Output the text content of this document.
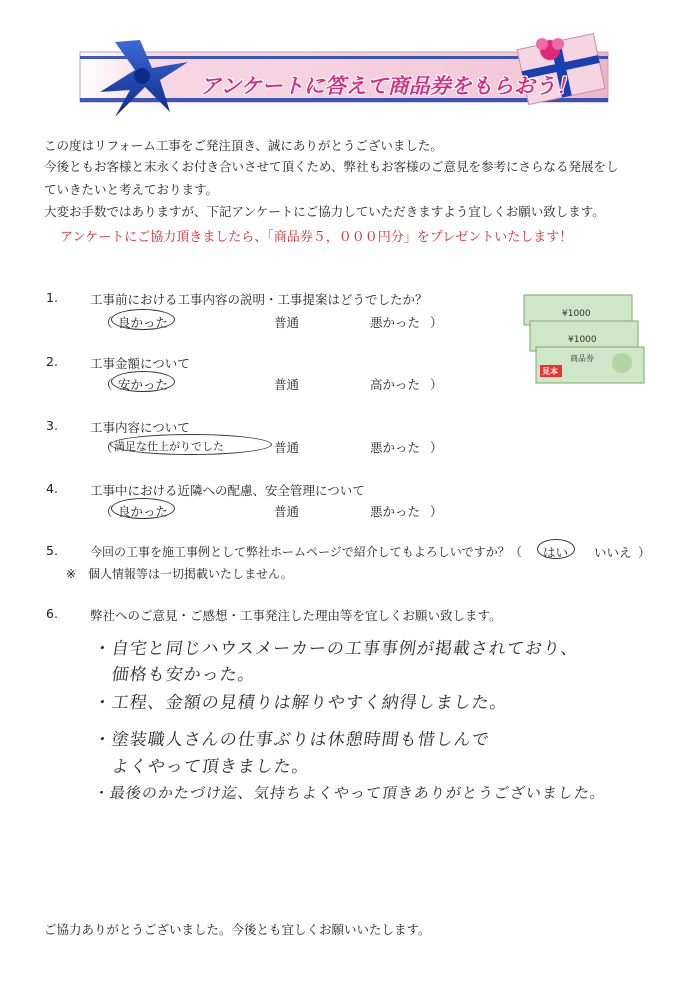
アンケートに答えて商品券をもらおう！
この度はリフォーム工事をご発注頂き、誠にありがとうございました。
今後ともお客様と末永くお付き合いさせて頂くため、弊社もお客様のご意見を参考にさらなる発展をし
ていきたいと考えております。
大変お手数ではありますが、下記アンケートにご協力していただきますよう宜しくお願い致します。
アンケートにご協力頂きましたら、「商品券５，０００円分」をプレゼントいたします！
¥1000
¥1000
商品券
見本
1.	工事前における工事内容の説明・工事提案はどうでしたか？
（ 良かった	普通	悪かった ）
2.	工事金額について
（ 安かった	普通	高かった ）
3.	工事内容について
（ 満足な仕上がりでした	普通	悪かった ）
4.	工事中における近隣への配慮、安全管理について
（ 良かった	普通	悪かった ）
5.	今回の工事を施工事例として弊社ホームページで紹介してもよろしいですか？（ はい いいえ ）
※　個人情報等は一切掲載いたしません。
6.	弊社へのご意見・ご感想・工事発注した理由等を宜しくお願い致します。
・自宅と同じハウスメーカーの工事事例が掲載されており、
価格も安かった。
・工程、金額の見積りは解りやすく納得しました。
・塗装職人さんの仕事ぶりは休憩時間も惜しんで
よくやって頂きました。
・最後のかたづけ迄、気持ちよくやって頂きありがとうございました。
ご協力ありがとうございました。今後とも宜しくお願いいたします。
